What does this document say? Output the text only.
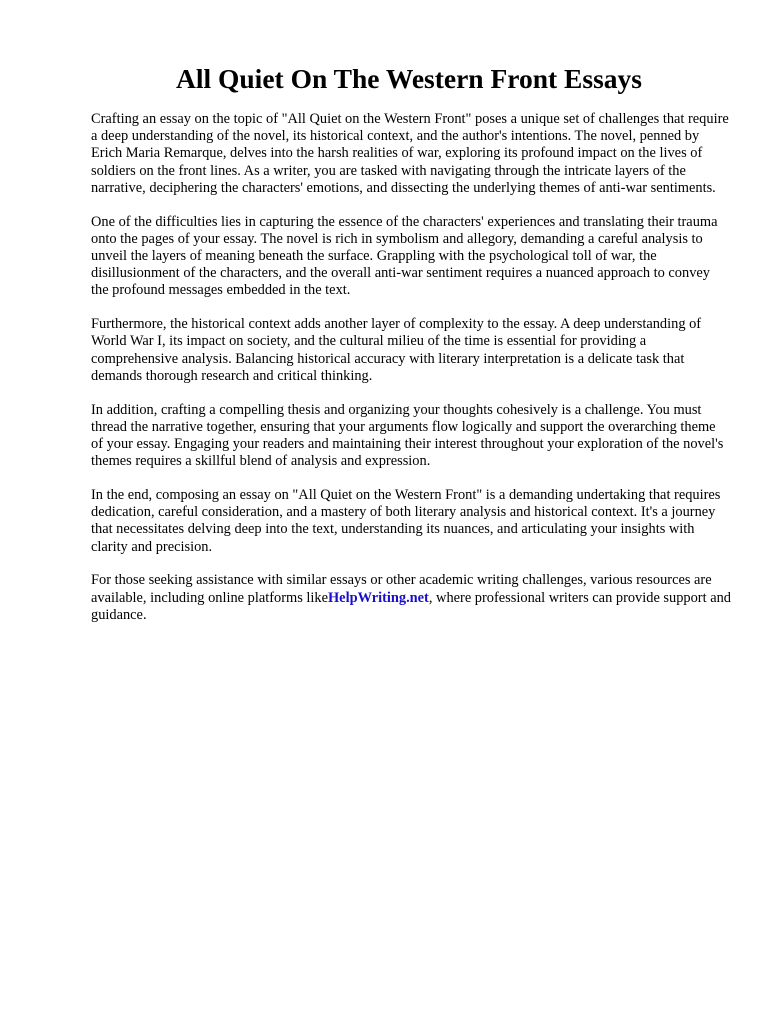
All Quiet On The Western Front Essays

Crafting an essay on the topic of "All Quiet on the Western Front" poses a unique set of challenges that require a deep understanding of the novel, its historical context, and the author's intentions. The novel, penned by Erich Maria Remarque, delves into the harsh realities of war, exploring its profound impact on the lives of soldiers on the front lines. As a writer, you are tasked with navigating through the intricate layers of the narrative, deciphering the characters' emotions, and dissecting the underlying themes of anti-war sentiments.

One of the difficulties lies in capturing the essence of the characters' experiences and translating their trauma onto the pages of your essay. The novel is rich in symbolism and allegory, demanding a careful analysis to unveil the layers of meaning beneath the surface. Grappling with the psychological toll of war, the disillusionment of the characters, and the overall anti-war sentiment requires a nuanced approach to convey the profound messages embedded in the text.

Furthermore, the historical context adds another layer of complexity to the essay. A deep understanding of World War I, its impact on society, and the cultural milieu of the time is essential for providing a comprehensive analysis. Balancing historical accuracy with literary interpretation is a delicate task that demands thorough research and critical thinking.

In addition, crafting a compelling thesis and organizing your thoughts cohesively is a challenge. You must thread the narrative together, ensuring that your arguments flow logically and support the overarching theme of your essay. Engaging your readers and maintaining their interest throughout your exploration of the novel's themes requires a skillful blend of analysis and expression.

In the end, composing an essay on "All Quiet on the Western Front" is a demanding undertaking that requires dedication, careful consideration, and a mastery of both literary analysis and historical context. It's a journey that necessitates delving deep into the text, understanding its nuances, and articulating your insights with clarity and precision.

For those seeking assistance with similar essays or other academic writing challenges, various resources are available, including online platforms likeHelpWriting.net, where professional writers can provide support and guidance.
